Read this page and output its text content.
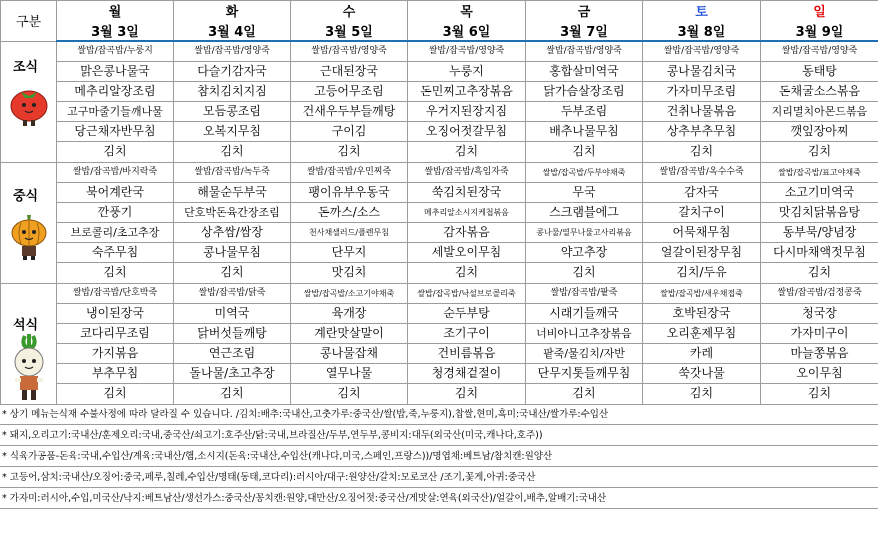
구분	월	화	수	목	금	토	일
	3월 3일	3월 4일	3월 5일	3월 6일	3월 7일	3월 8일	3월 9일

조식	쌀밥/잡곡밥/누룽지	쌀밥/잡곡밥/영양죽	쌀밥/잡곡밥/영양죽	쌀밥/잡곡밥/영양죽	쌀밥/잡곡밥/영양죽	쌀밥/잡곡밥/영양죽	쌀밥/잡곡밥/영양죽
	맑은콩나물국	다슬기감자국	근대된장국	누룽지	홍합살미역국	콩나물김치국	동태탕
	메추리알장조림	참치김치지짐	고등어무조림	돈민찌고추장볶음	닭가슴살장조림	가자미무조림	돈채굴소스볶음
	고구마줄기들깨나물	모듬콩조림	건새우두부들깨탕	우거지된장지짐	두부조림	건취나물볶음	지리멸치아몬드볶음
	당근채자반무침	오복지무침	구이김	오징어젓갈무침	배추나물무침	상추부추무침	깻잎장아찌
	김치	김치	김치	김치	김치	김치	김치

중식	쌀밥/잡곡밥/바지락죽	쌀밥/잡곡밥/녹두죽	쌀밥/잡곡밥/우민찌죽	쌀밥/잡곡밥/흑임자죽	쌀밥/잡곡밥/두부야채죽	쌀밥/잡곡밥/옥수수죽	쌀밥/잡곡밥/표고야채죽
	북어계란국	해물순두부국	팽이유부우동국	쑥김치된장국	무국	감자국	소고기미역국
	깐풍기	단호박돈육간장조림	돈까스/소스	메추리알소시지케첩볶음	스크램블에그	갈치구이	맛김치닭볶음탕
	브로콜리/초고추장	상추쌈/쌈장	천사채샐러드/플렌무침	감자볶음	콩나물/열무나물고사리볶음	어묵채무침	동부묵/양념장
	숙주무침	콩나물무침	단무지	세발오이무침	약고추장	얼갈이된장무침	다시마채액젓무침
	김치	김치	맛김치	김치	김치	김치/두유	김치

석식	쌀밥/잡곡밥/단호박죽	쌀밥/잡곡밥/닭죽	쌀밥/잡곡밥/소고기야채죽	쌀밥/잡곡밥/낙설브로콜리죽	쌀밥/잡곡밥/팥죽	쌀밥/잡곡밥/새우채접죽	쌀밥/잡곡밥/검정콩죽
	냉이된장국	미역국	육개장	순두부탕	시래기들깨국	호박된장국	청국장
	코다리무조림	닭버섯들깨탕	계란맛살말이	조기구이	너비아니고추장볶음	오리훈제무침	가자미구이
	가지볶음	연근조림	콩나물잡채	건비름볶음	팥죽/물김치/자반	카레	마늘쫑볶음
	부추무침	돌나물/초고추장	열무나물	청경채겉절이	단무지톳들깨무침	쑥갓나물	오이무침
	김치	김치	김치	김치	김치	김치	김치
* 상기 메뉴는식재 수불사정에 따라 달라질 수 있습니다. /김치:배추:국내산,고춧가루:중국산/쌀(밥,죽,누룽지),찹쌀,현미,흑미:국내산/쌀가루:수입산
* 돼지,오리고기:국내산/훈제오리:국내,중국산/쇠고기:호주산/닭:국내,브라질산/두부,연두부,콩비지:대두(외국산(미국,캐나다,호주))
* 식육가공품-돈육:국내,수입산/계육:국내산/햄,소시지(돈육:국내산,수입산(캐나다,미국,스페인,프랑스))/명엽채:베트남/참치캔:원양산
* 고등어,삼치:국내산/오징어:중국,페루,칠레,수입산/명태(동태,코다리):러시아/대구:원양산/갈치:모로코산 /조기,꽃게,아귀:중국산
* 가자미:러시아,수입,미국산/낙지:베트남산/생선가스:중국산/꽁치캔:원양,대만산/오징어젓:중국산/게맛살:연육(외국산)/얼갈이,배추,알배기:국내산
